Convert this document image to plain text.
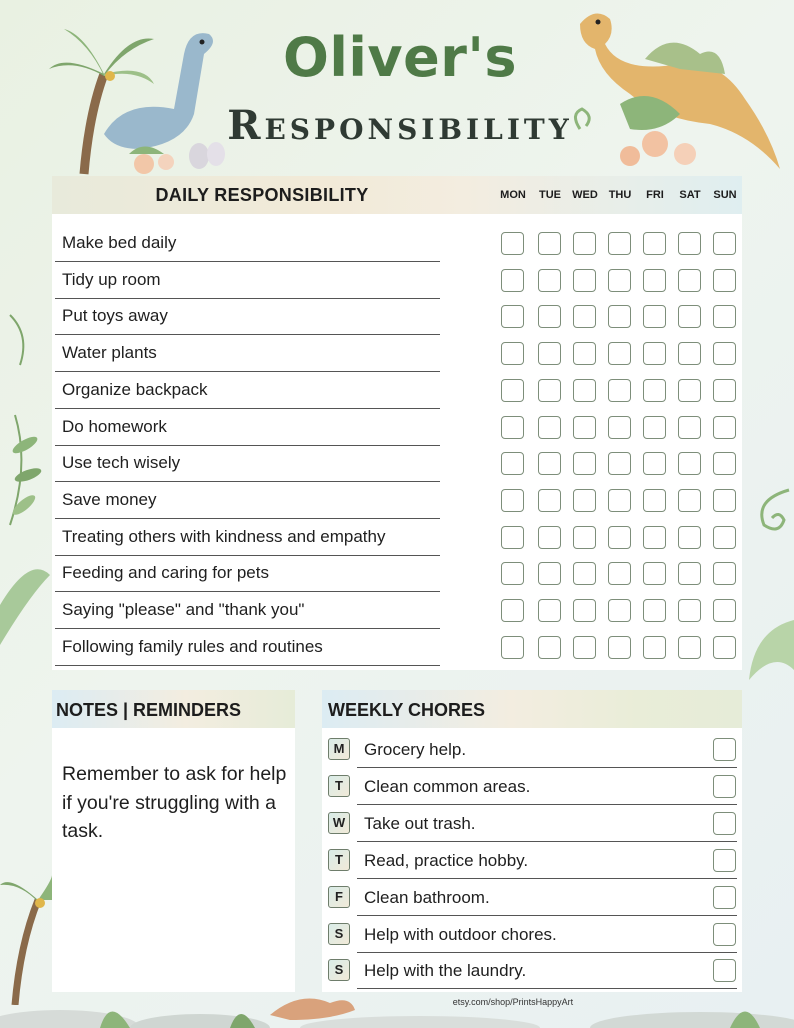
Oliver's
Responsibility
DAILY RESPONSIBILITY	MON	TUE	WED THU	FRI	SAT	SUN
Make bed daily
Tidy up room
Put toys away
Water plants
Organize backpack
Do homework
Use tech wisely
Save money
Treating others with kindness and empathy
Feeding and caring for pets
Saying "please" and "thank you"
Following family rules and routines
NOTES | REMINDERS
Remember to ask for help if you're struggling with a task.
WEEKLY CHORES
M	Grocery help.
T	Clean common areas.
W Take out trash.
T	Read, practice hobby.
F	Clean bathroom.
S	Help with outdoor chores.
S	Help with the laundry.
etsy.com/shop/PrintsHappyArt
